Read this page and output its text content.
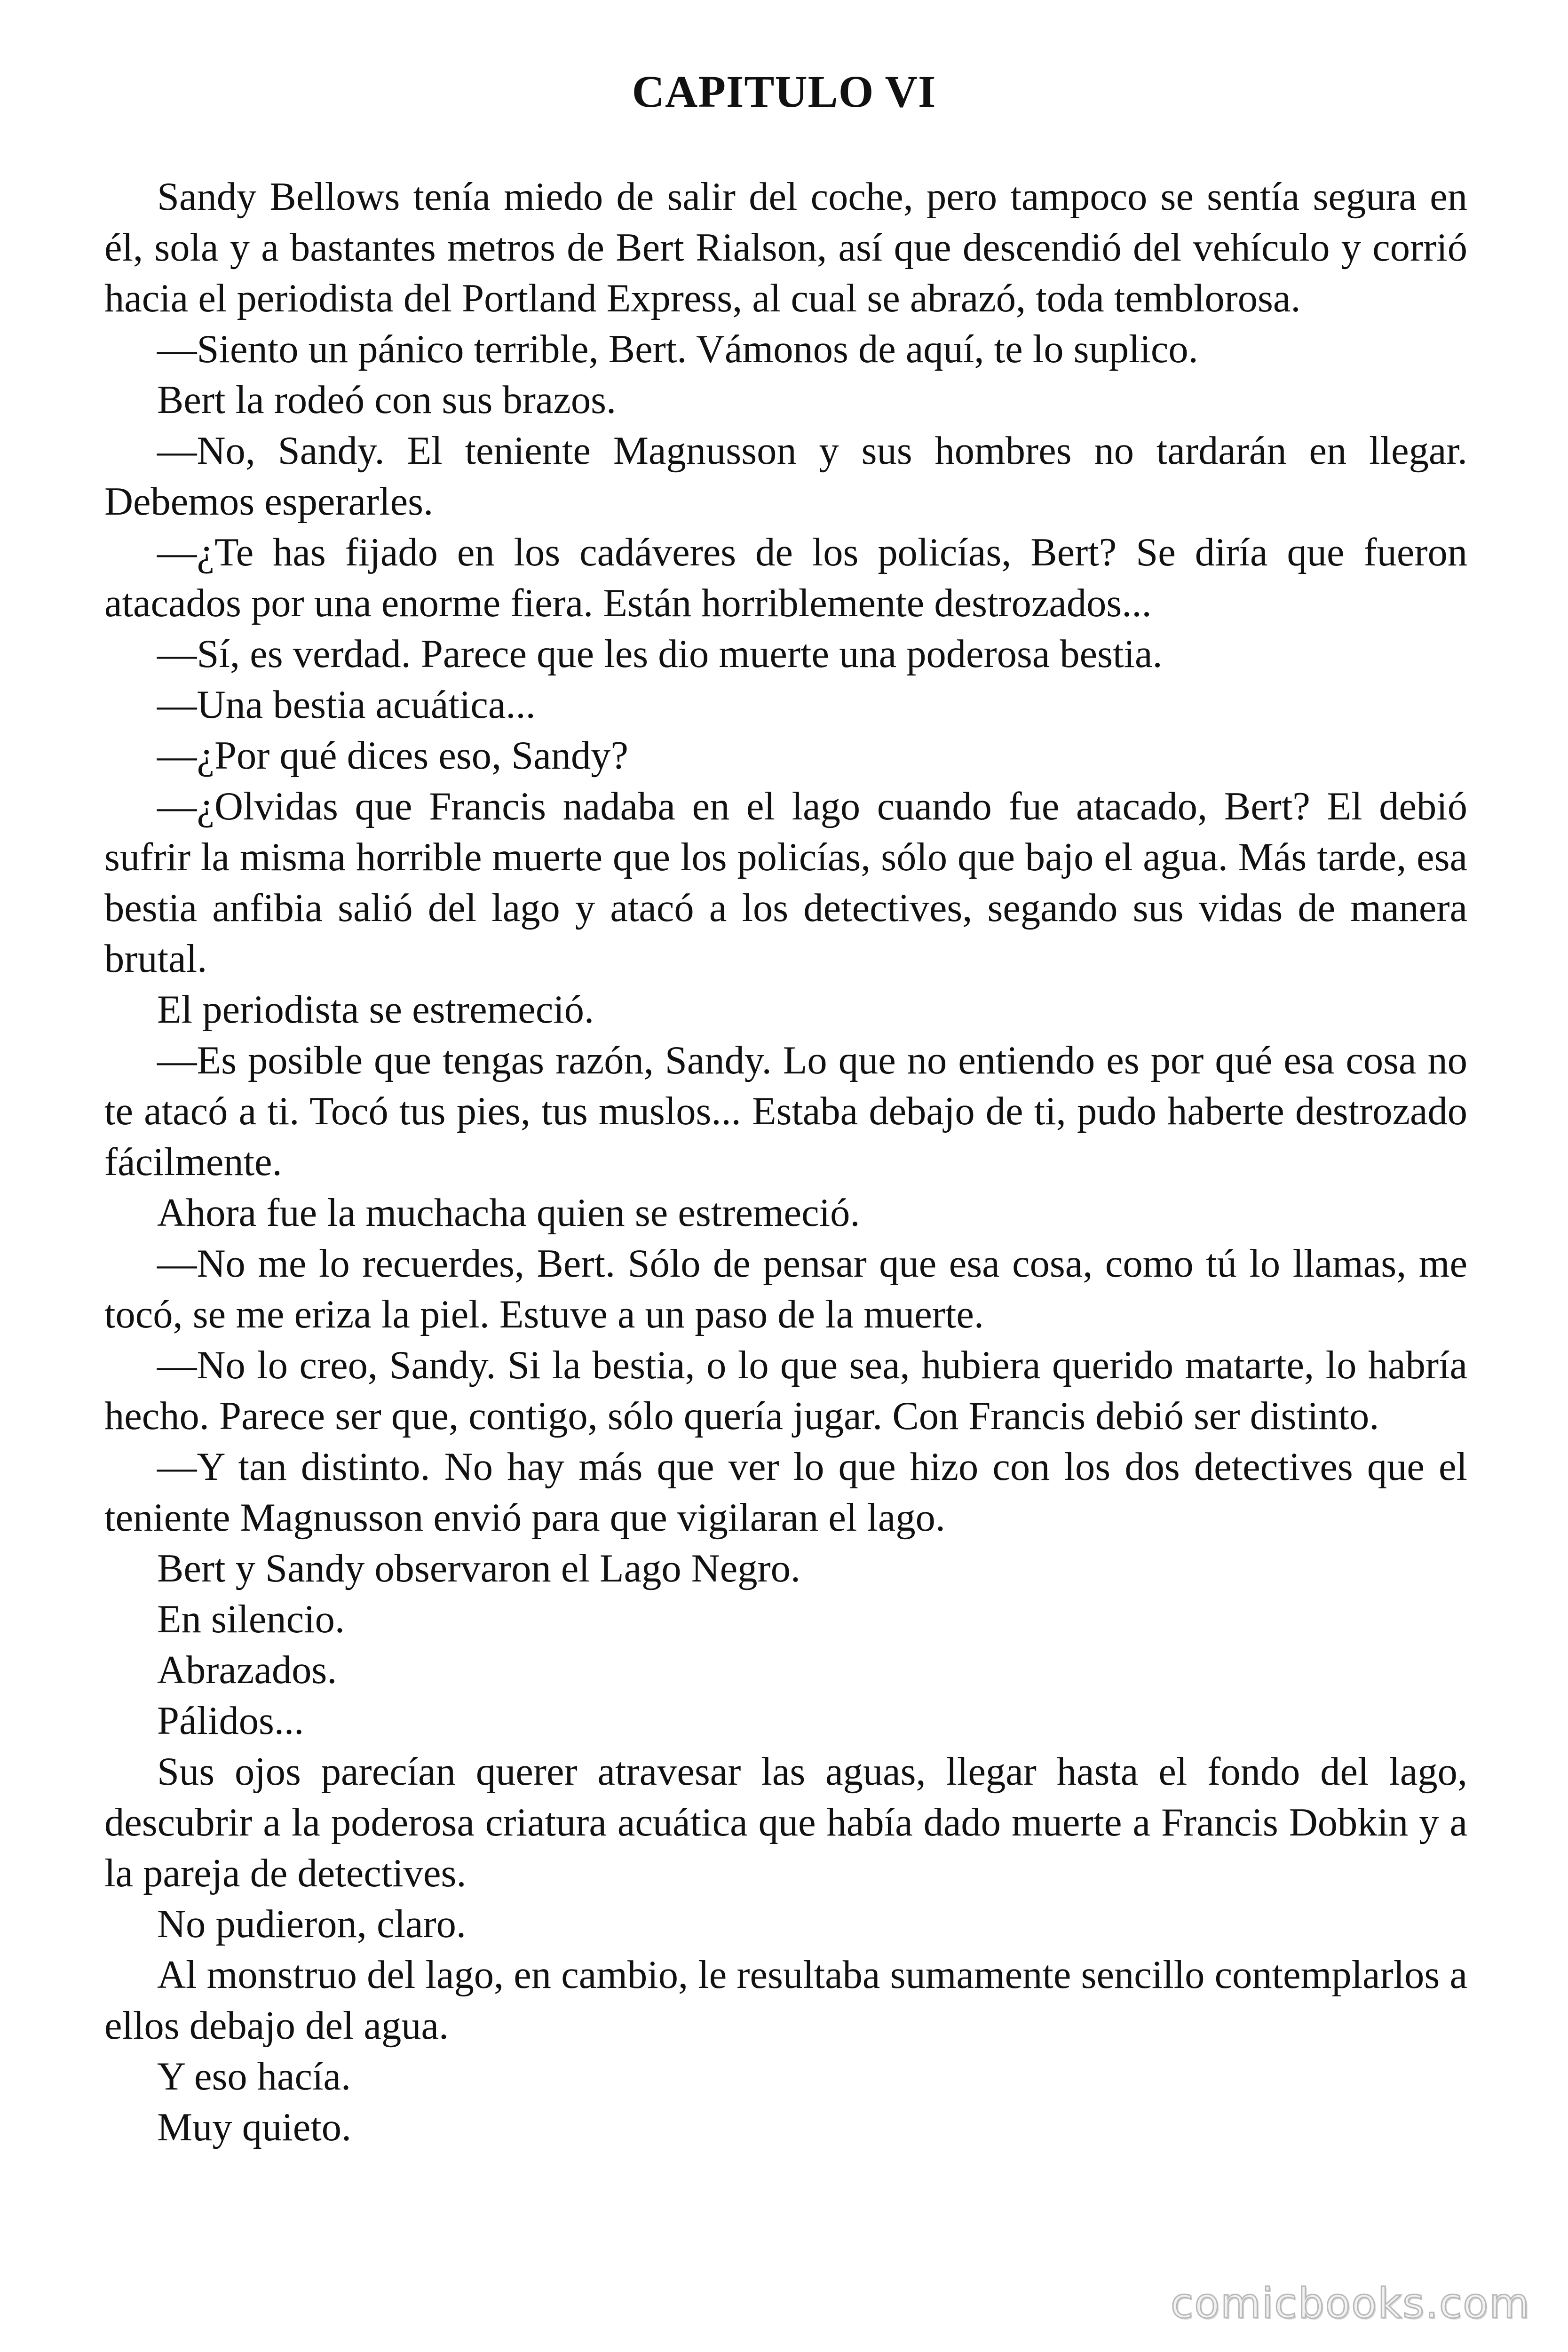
CAPITULO VI

Sandy Bellows tenía miedo de salir del coche, pero tampoco se sentía segura en él, sola y a bastantes metros de Bert Rialson, así que descendió del vehículo y corrió hacia el periodista del Portland Express, al cual se abrazó, toda temblorosa.

—Siento un pánico terrible, Bert. Vámonos de aquí, te lo suplico.

Bert la rodeó con sus brazos.

—No, Sandy. El teniente Magnusson y sus hombres no tardarán en llegar. Debemos esperarles.

—¿Te has fijado en los cadáveres de los policías, Bert? Se diría que fueron atacados por una enorme fiera. Están horriblemente destrozados...

—Sí, es verdad. Parece que les dio muerte una poderosa bestia.

—Una bestia acuática...

—¿Por qué dices eso, Sandy?

—¿Olvidas que Francis nadaba en el lago cuando fue atacado, Bert? El debió sufrir la misma horrible muerte que los policías, sólo que bajo el agua. Más tarde, esa bestia anfibia salió del lago y atacó a los detectives, segando sus vidas de manera brutal.

El periodista se estremeció.

—Es posible que tengas razón, Sandy. Lo que no entiendo es por qué esa cosa no te atacó a ti. Tocó tus pies, tus muslos... Estaba debajo de ti, pudo haberte destrozado fácilmente.

Ahora fue la muchacha quien se estremeció.

—No me lo recuerdes, Bert. Sólo de pensar que esa cosa, como tú lo llamas, me tocó, se me eriza la piel. Estuve a un paso de la muerte.

—No lo creo, Sandy. Si la bestia, o lo que sea, hubiera querido matarte, lo habría hecho. Parece ser que, contigo, sólo quería jugar. Con Francis debió ser distinto.

—Y tan distinto. No hay más que ver lo que hizo con los dos detectives que el teniente Magnusson envió para que vigilaran el lago.

Bert y Sandy observaron el Lago Negro.

En silencio.

Abrazados.

Pálidos...

Sus ojos parecían querer atravesar las aguas, llegar hasta el fondo del lago, descubrir a la poderosa criatura acuática que había dado muerte a Francis Dobkin y a la pareja de detectives.

No pudieron, claro.

Al monstruo del lago, en cambio, le resultaba sumamente sencillo contemplarlos a ellos debajo del agua.

Y eso hacía.

Muy quieto.

comicbooks.com
